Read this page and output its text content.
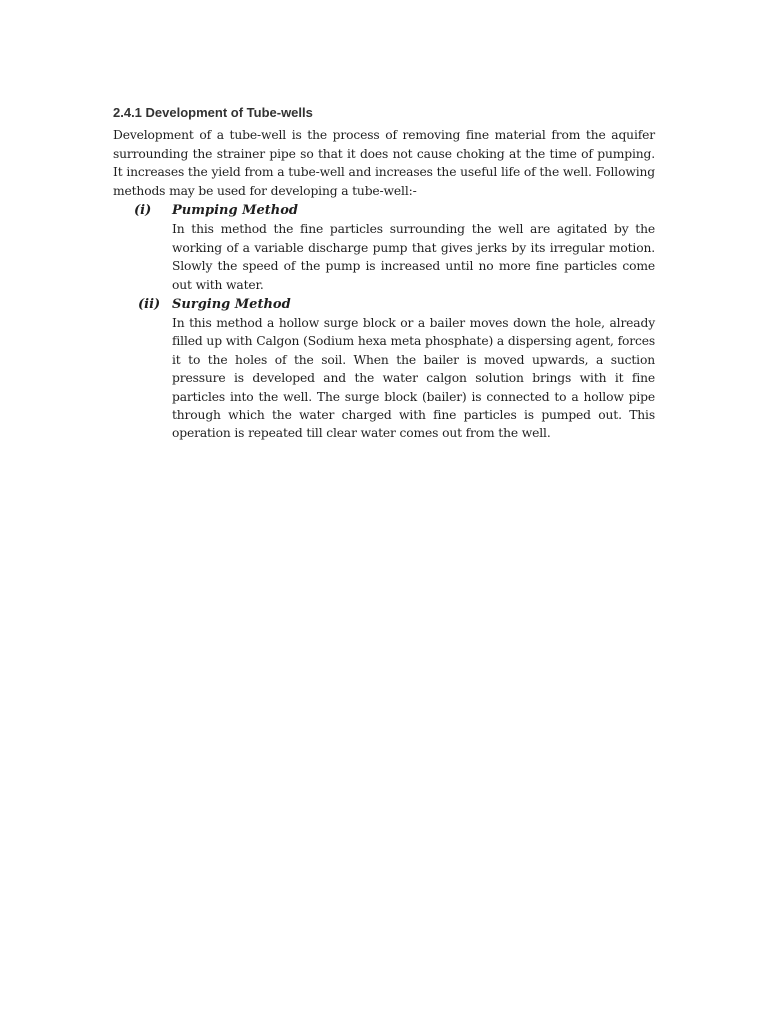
2.4.1 Development of Tube-wells

Development of a tube-well is the process of removing fine material from the aquifer surrounding the strainer pipe so that it does not cause choking at the time of pumping. It increases the yield from a tube-well and increases the useful life of the well. Following methods may be used for developing a tube-well:-

(i)	Pumping Method
In this method the fine particles surrounding the well are agitated by the working of a variable discharge pump that gives jerks by its irregular motion. Slowly the speed of the pump is increased until no more fine particles come out with water.
(ii) Surging Method
In this method a hollow surge block or a bailer moves down the hole, already filled up with Calgon (Sodium hexa meta phosphate) a dispersing agent, forces it to the holes of the soil. When the bailer is moved upwards, a suction pressure is developed and the water calgon solution brings with it fine particles into the well. The surge block (bailer) is connected to a hollow pipe through which the water charged with fine particles is pumped out. This operation is repeated till clear water comes out from the well.
